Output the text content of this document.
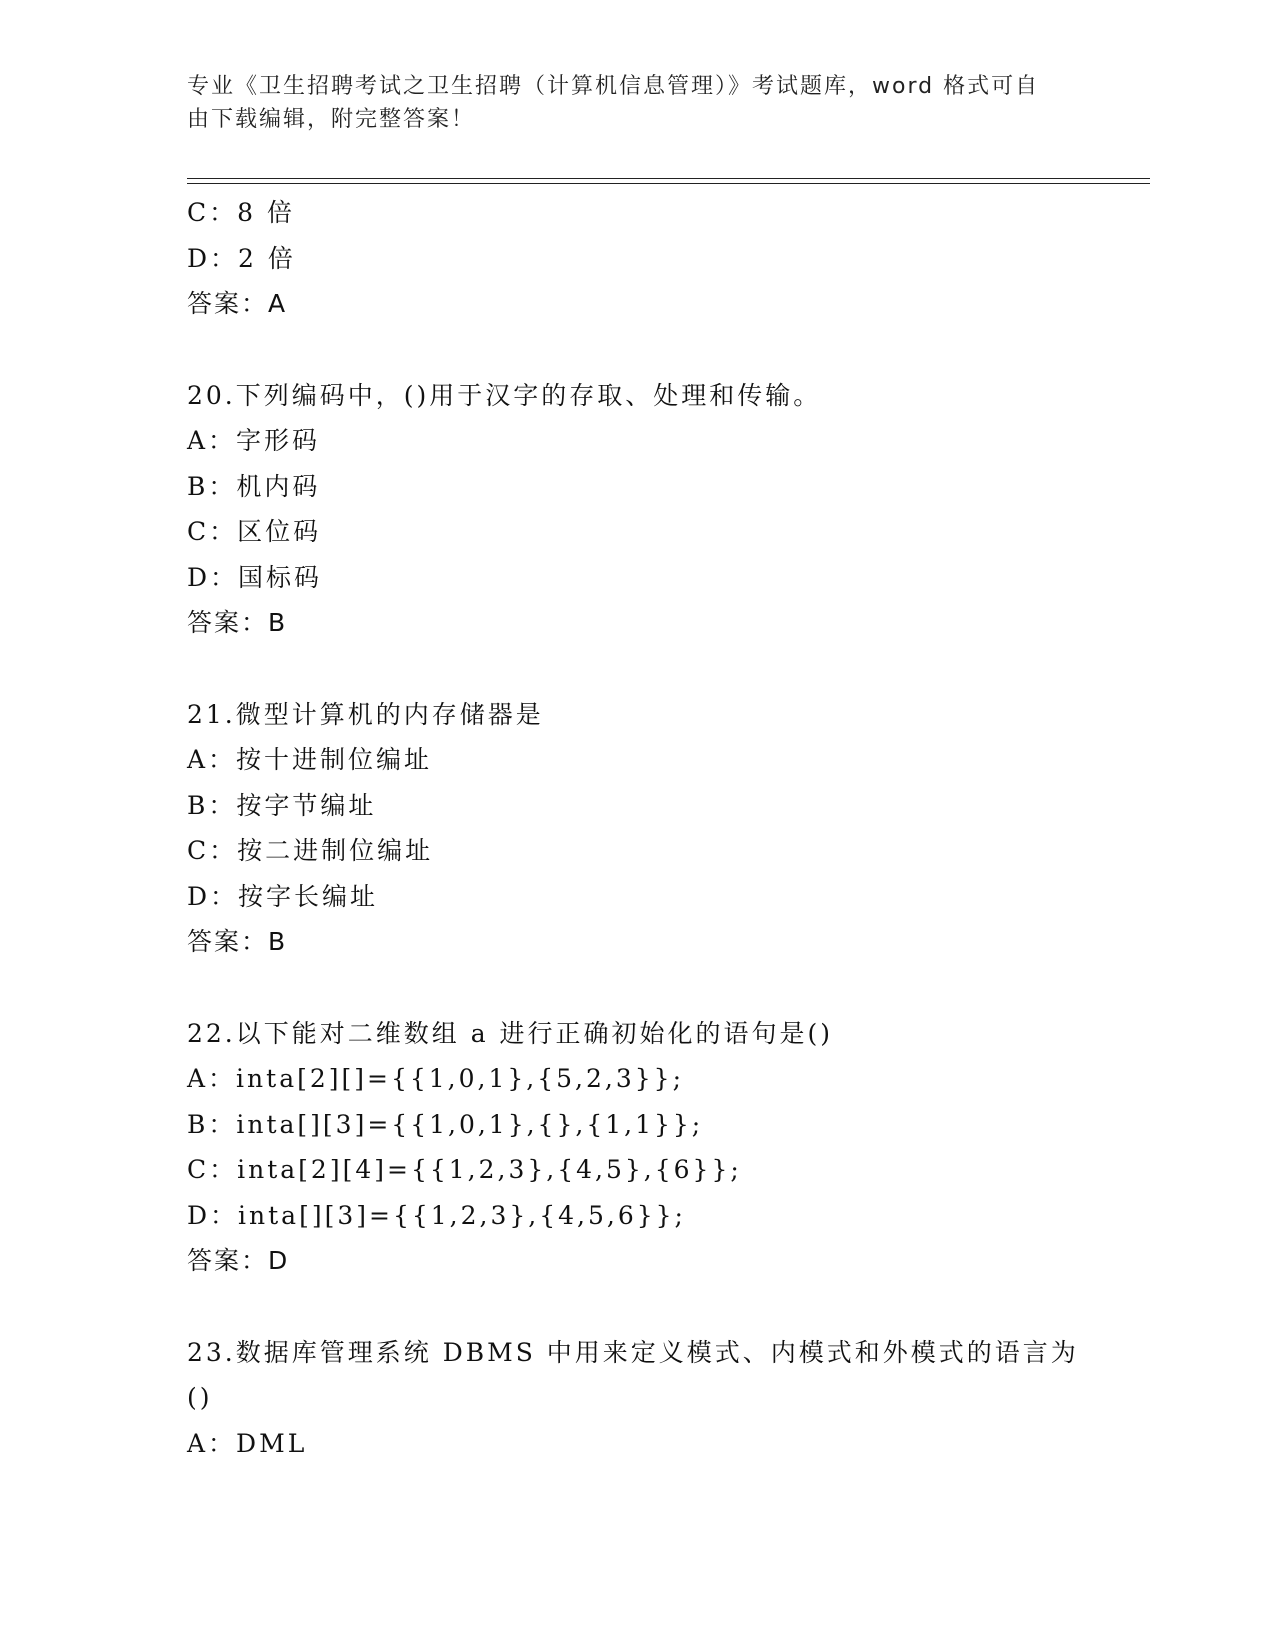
专业《卫生招聘考试之卫生招聘（计算机信息管理）》考试题库，word 格式可自
由下载编辑，附完整答案！
C：8 倍
D：2 倍
答案：A
20.下列编码中，()用于汉字的存取、处理和传输。
A：字形码
B：机内码
C：区位码
D：国标码
答案：B
21.微型计算机的内存储器是
A：按十进制位编址
B：按字节编址
C：按二进制位编址
D：按字长编址
答案：B
22.以下能对二维数组 a 进行正确初始化的语句是()
A：inta[2][]={{1,0,1},{5,2,3}};
B：inta[][3]={{1,0,1},{},{1,1}};
C：inta[2][4]={{1,2,3},{4,5},{6}};
D：inta[][3]={{1,2,3},{4,5,6}};
答案：D
23.数据库管理系统 DBMS 中用来定义模式、内模式和外模式的语言为
()
A：DML
